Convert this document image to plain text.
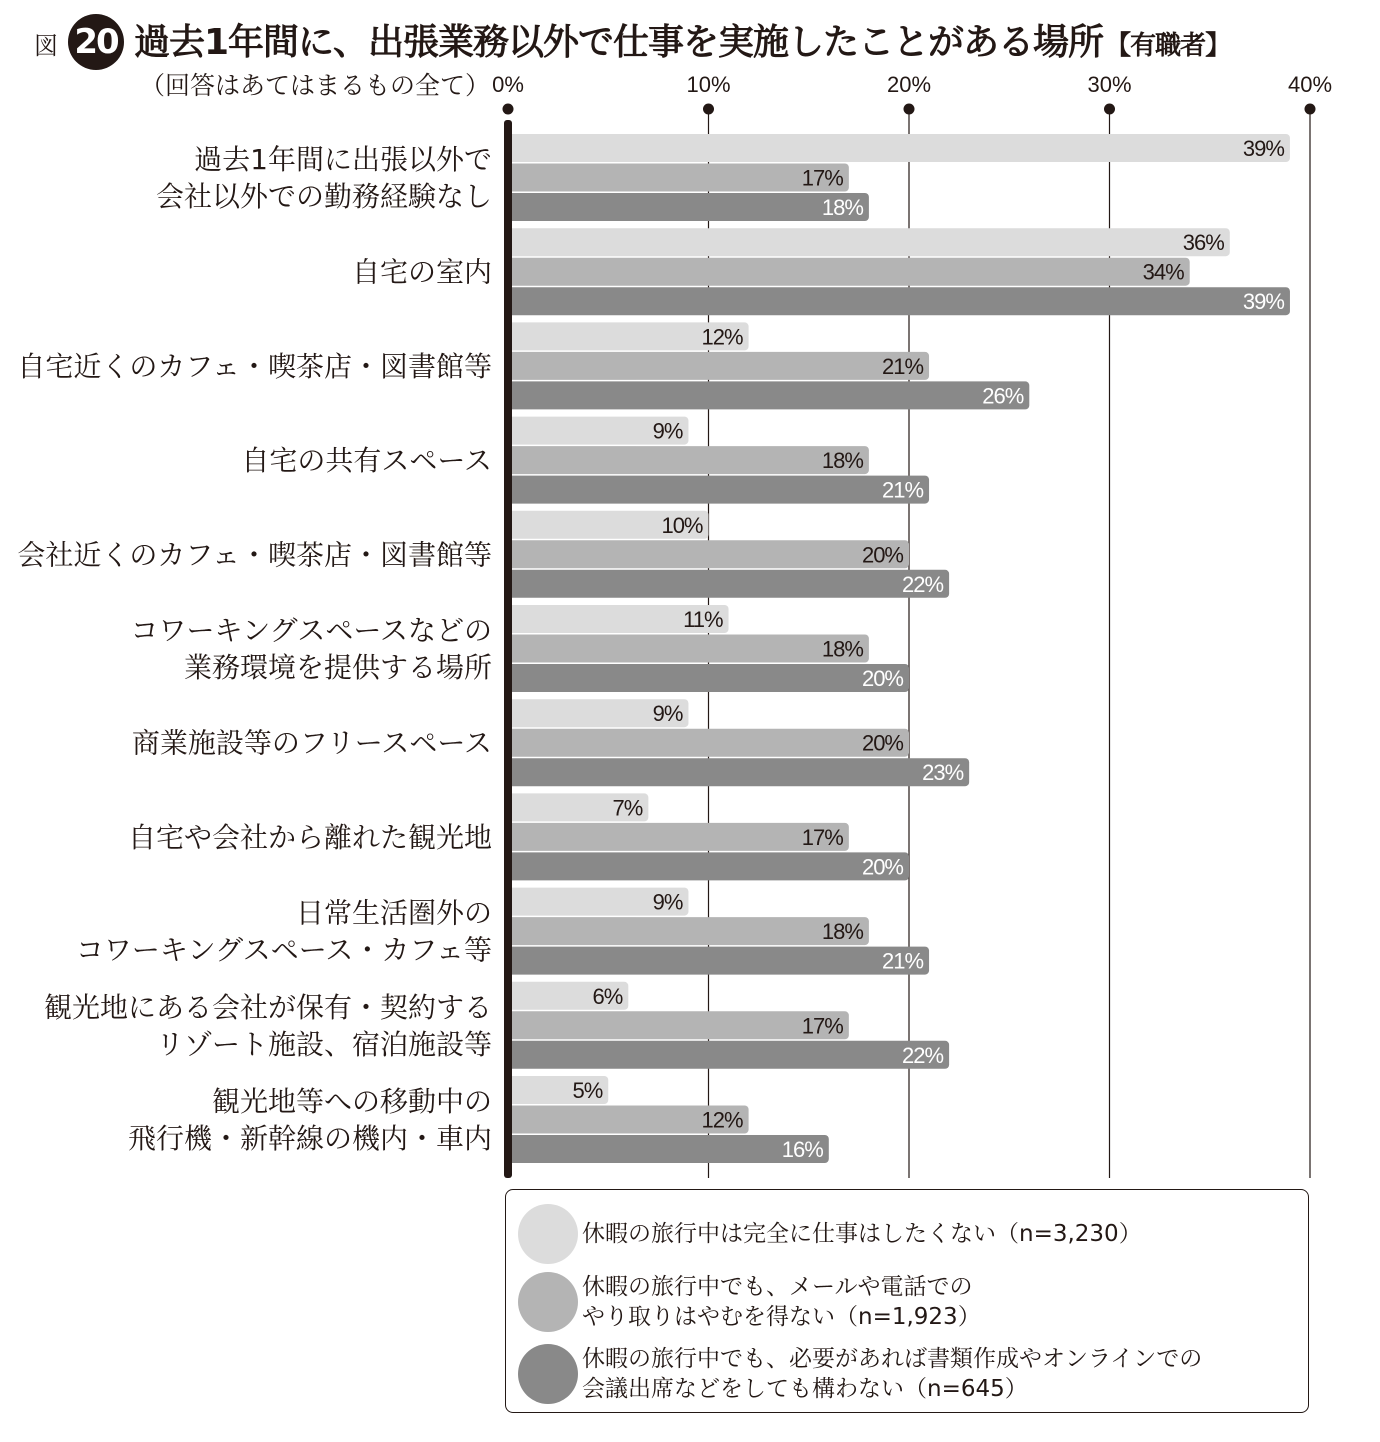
図 20 過去1年間に、出張業務以外で仕事を実施したことがある場所【有職者】
（回答はあてはまるもの全て） 0%	10%	20%	30%	40%
39%
17%
18%
過去1年間に出張以外で会社以外での勤務経験なし
36%
34%
39%
自宅の室内
12%
21%
26%
自宅近くのカフェ・喫茶店・図書館等
9%
18%
21%
自宅の共有スペース
10%
20%
22%
会社近くのカフェ・喫茶店・図書館等
11%
18%
20%
コワーキングスペースなどの業務環境を提供する場所
9%
20%
23%
商業施設等のフリースペース
7%
17%
20%
自宅や会社から離れた観光地
9%
18%
21%
日常生活圏外のコワーキングスペース・カフェ等
6%
17%
22%
観光地にある会社が保有・契約するリゾート施設、宿泊施設等
5%
12%
16%
観光地等への移動中の飛行機・新幹線の機内・車内
休暇の旅行中は完全に仕事はしたくない（n=3,230）
休暇の旅行中でも、メールや電話での
やり取りはやむを得ない（n=1,923）
休暇の旅行中でも、必要があれば書類作成やオンラインでの
会議出席などをしても構わない（n=645）
